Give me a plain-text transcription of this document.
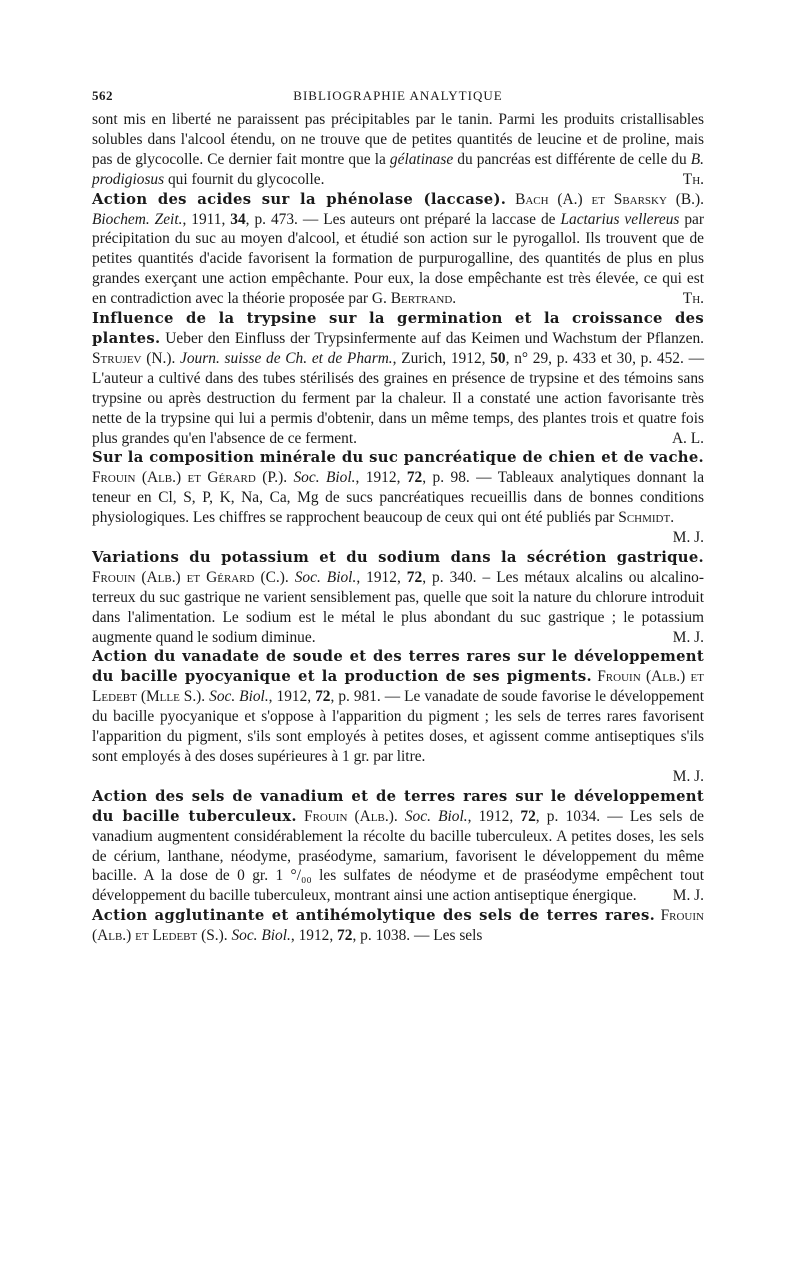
562	BIBLIOGRAPHIE ANALYTIQUE

sont mis en liberté ne paraissent pas précipitables par le tanin. Parmi les produits cristallisables solubles dans l'alcool étendu, on ne trouve que de petites quantités de leucine et de proline, mais pas de glycocolle. Ce dernier fait montre que la gélatinase du pancréas est différente de celle du B. prodigiosus qui fournit du glycocolle.	Th.

Action des acides sur la phénolase (laccase). Bach (A.) et Sbarsky (B.). Biochem. Zeit., 1911, 34, p. 473. — Les auteurs ont préparé la laccase de Lactarius vellereus par précipitation du suc au moyen d'alcool, et étudié son action sur le pyrogallol. Ils trouvent que de petites quantités d'acide favorisent la formation de purpurogalline, des quantités de plus en plus grandes exerçant une action empêchante. Pour eux, la dose empêchante est très élevée, ce qui est en contradiction avec la théorie proposée par G. Bertrand.	Th.

Influence de la trypsine sur la germination et la croissance des plantes. Ueber den Einfluss der Trypsinfermente auf das Keimen und Wachstum der Pflanzen. Strujev (N.). Journ. suisse de Ch. et de Pharm., Zurich, 1912, 50, n° 29, p. 433 et 30, p. 452. — L'auteur a cultivé dans des tubes stérilisés des graines en présence de trypsine et des témoins sans trypsine ou après destruction du ferment par la chaleur. Il a constaté une action favorisante très nette de la trypsine qui lui a permis d'obtenir, dans un même temps, des plantes trois et quatre fois plus grandes qu'en l'absence de ce ferment.	A. L.

Sur la composition minérale du suc pancréatique de chien et de vache. Frouin (Alb.) et Gérard (P.). Soc. Biol., 1912, 72, p. 98. — Tableaux analytiques donnant la teneur en Cl, S, P, K, Na, Ca, Mg de sucs pancréatiques recueillis dans de bonnes conditions physiologiques. Les chiffres se rapprochent beaucoup de ceux qui ont été publiés par Schmidt.
M. J.

Variations du potassium et du sodium dans la sécrétion gastrique. Frouin (Alb.) et Gérard (C.). Soc. Biol., 1912, 72, p. 340. – Les métaux alcalins ou alcalino-terreux du suc gastrique ne varient sensiblement pas, quelle que soit la nature du chlorure introduit dans l'alimentation. Le sodium est le métal le plus abondant du suc gastrique ; le potassium augmente quand le sodium diminue.	M. J.

Action du vanadate de soude et des terres rares sur le développement du bacille pyocyanique et la production de ses pigments. Frouin (Alb.) et Ledebt (Mlle S.). Soc. Biol., 1912, 72, p. 981. — Le vanadate de soude favorise le développement du bacille pyocyanique et s'oppose à l'apparition du pigment ; les sels de terres rares favorisent l'apparition du pigment, s'ils sont employés à petites doses, et agissent comme antiseptiques s'ils sont employés à des doses supérieures à 1 gr. par litre.

M. J.

Action des sels de vanadium et de terres rares sur le développement du bacille tuberculeux. Frouin (Alb.). Soc. Biol., 1912, 72, p. 1034. — Les sels de vanadium augmentent considérablement la récolte du bacille tuberculeux. A petites doses, les sels de cérium, lanthane, néodyme, praséodyme, samarium, favorisent le développement du même bacille. A la dose de 0 gr. 1 °/₀₀ les sulfates de néodyme et de praséodyme empêchent tout développement du bacille tuberculeux, montrant ainsi une action antiseptique énergique. M. J.

Action agglutinante et antihémolytique des sels de terres rares. Frouin (Alb.) et Ledebt (S.). Soc. Biol., 1912, 72, p. 1038. — Les sels
